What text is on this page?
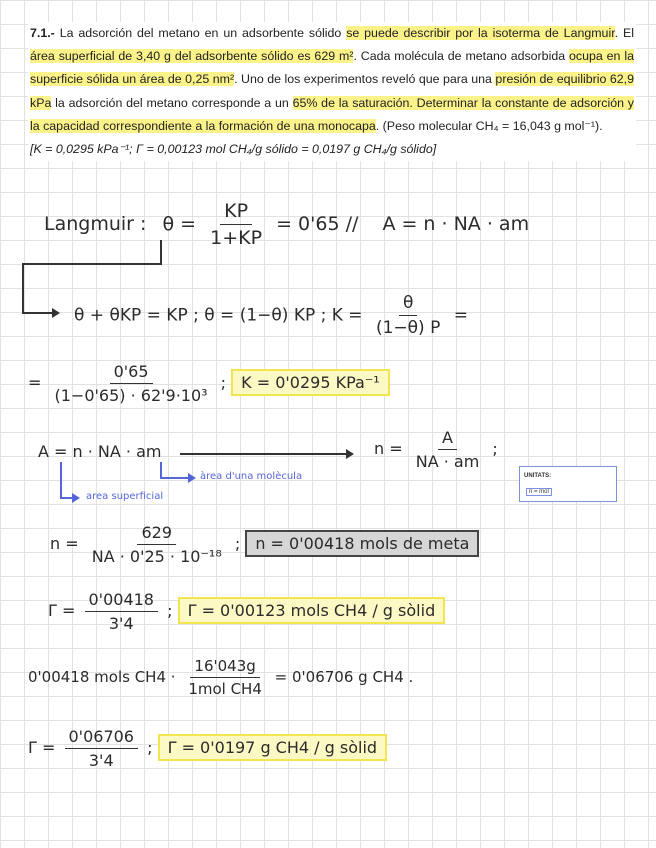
7.1.- La adsorción del metano en un adsorbente sólido se puede describir por la isoterma de Langmuir. El área superficial de 3,40 g del adsorbente sólido es 629 m². Cada molécula de metano adsorbida ocupa en la superficie sólida un área de 0,25 nm². Uno de los experimentos reveló que para una presión de equilibrio 62,9 kPa la adsorción del metano corresponde a un 65% de la saturación. Determinar la constante de adsorción y la capacidad correspondiente a la formación de una monocapa. (Peso molecular CH₄ = 16,043 g mol⁻¹).

[K = 0,0295 kPa⁻¹; Γ = 0,00123 mol CH₄/g sólido = 0,0197 g CH₄/g sólido]

Langmuir : $\theta = \frac{KP}{1+KP} = 0'65 // A = n$ · NA · am
θ + θKP = KP ; θ = (1−θ) KP ; $K = \frac{\theta}{(1-\theta) P}$ =
= $\frac{0'65}{\text{(1−0'65) · 62'9·10³}}$ ; K = 0'0295 KPa⁻¹
A = n · NA · am	$n = \frac{A}{NA \cdot am}$ ;
àrea d'una molècula
area superficial
UNITATS:
n = mol
$n = \frac{629}{\text{NA · 0'25 · 10⁻¹⁸}}$ ; n = 0'00418 mols de meta
$\Gamma = \frac{0'00418}{3'4}$ ; Γ = 0'00123 mols CH4 / g sòlid
0'00418 mols $CH4 \cdot \frac{16'043g}{\text{1mol CH4}} = 0'06706$ g CH4 .
$\Gamma = \frac{0'06706}{3'4}$ ; Γ = 0'0197 g CH4 / g sòlid
